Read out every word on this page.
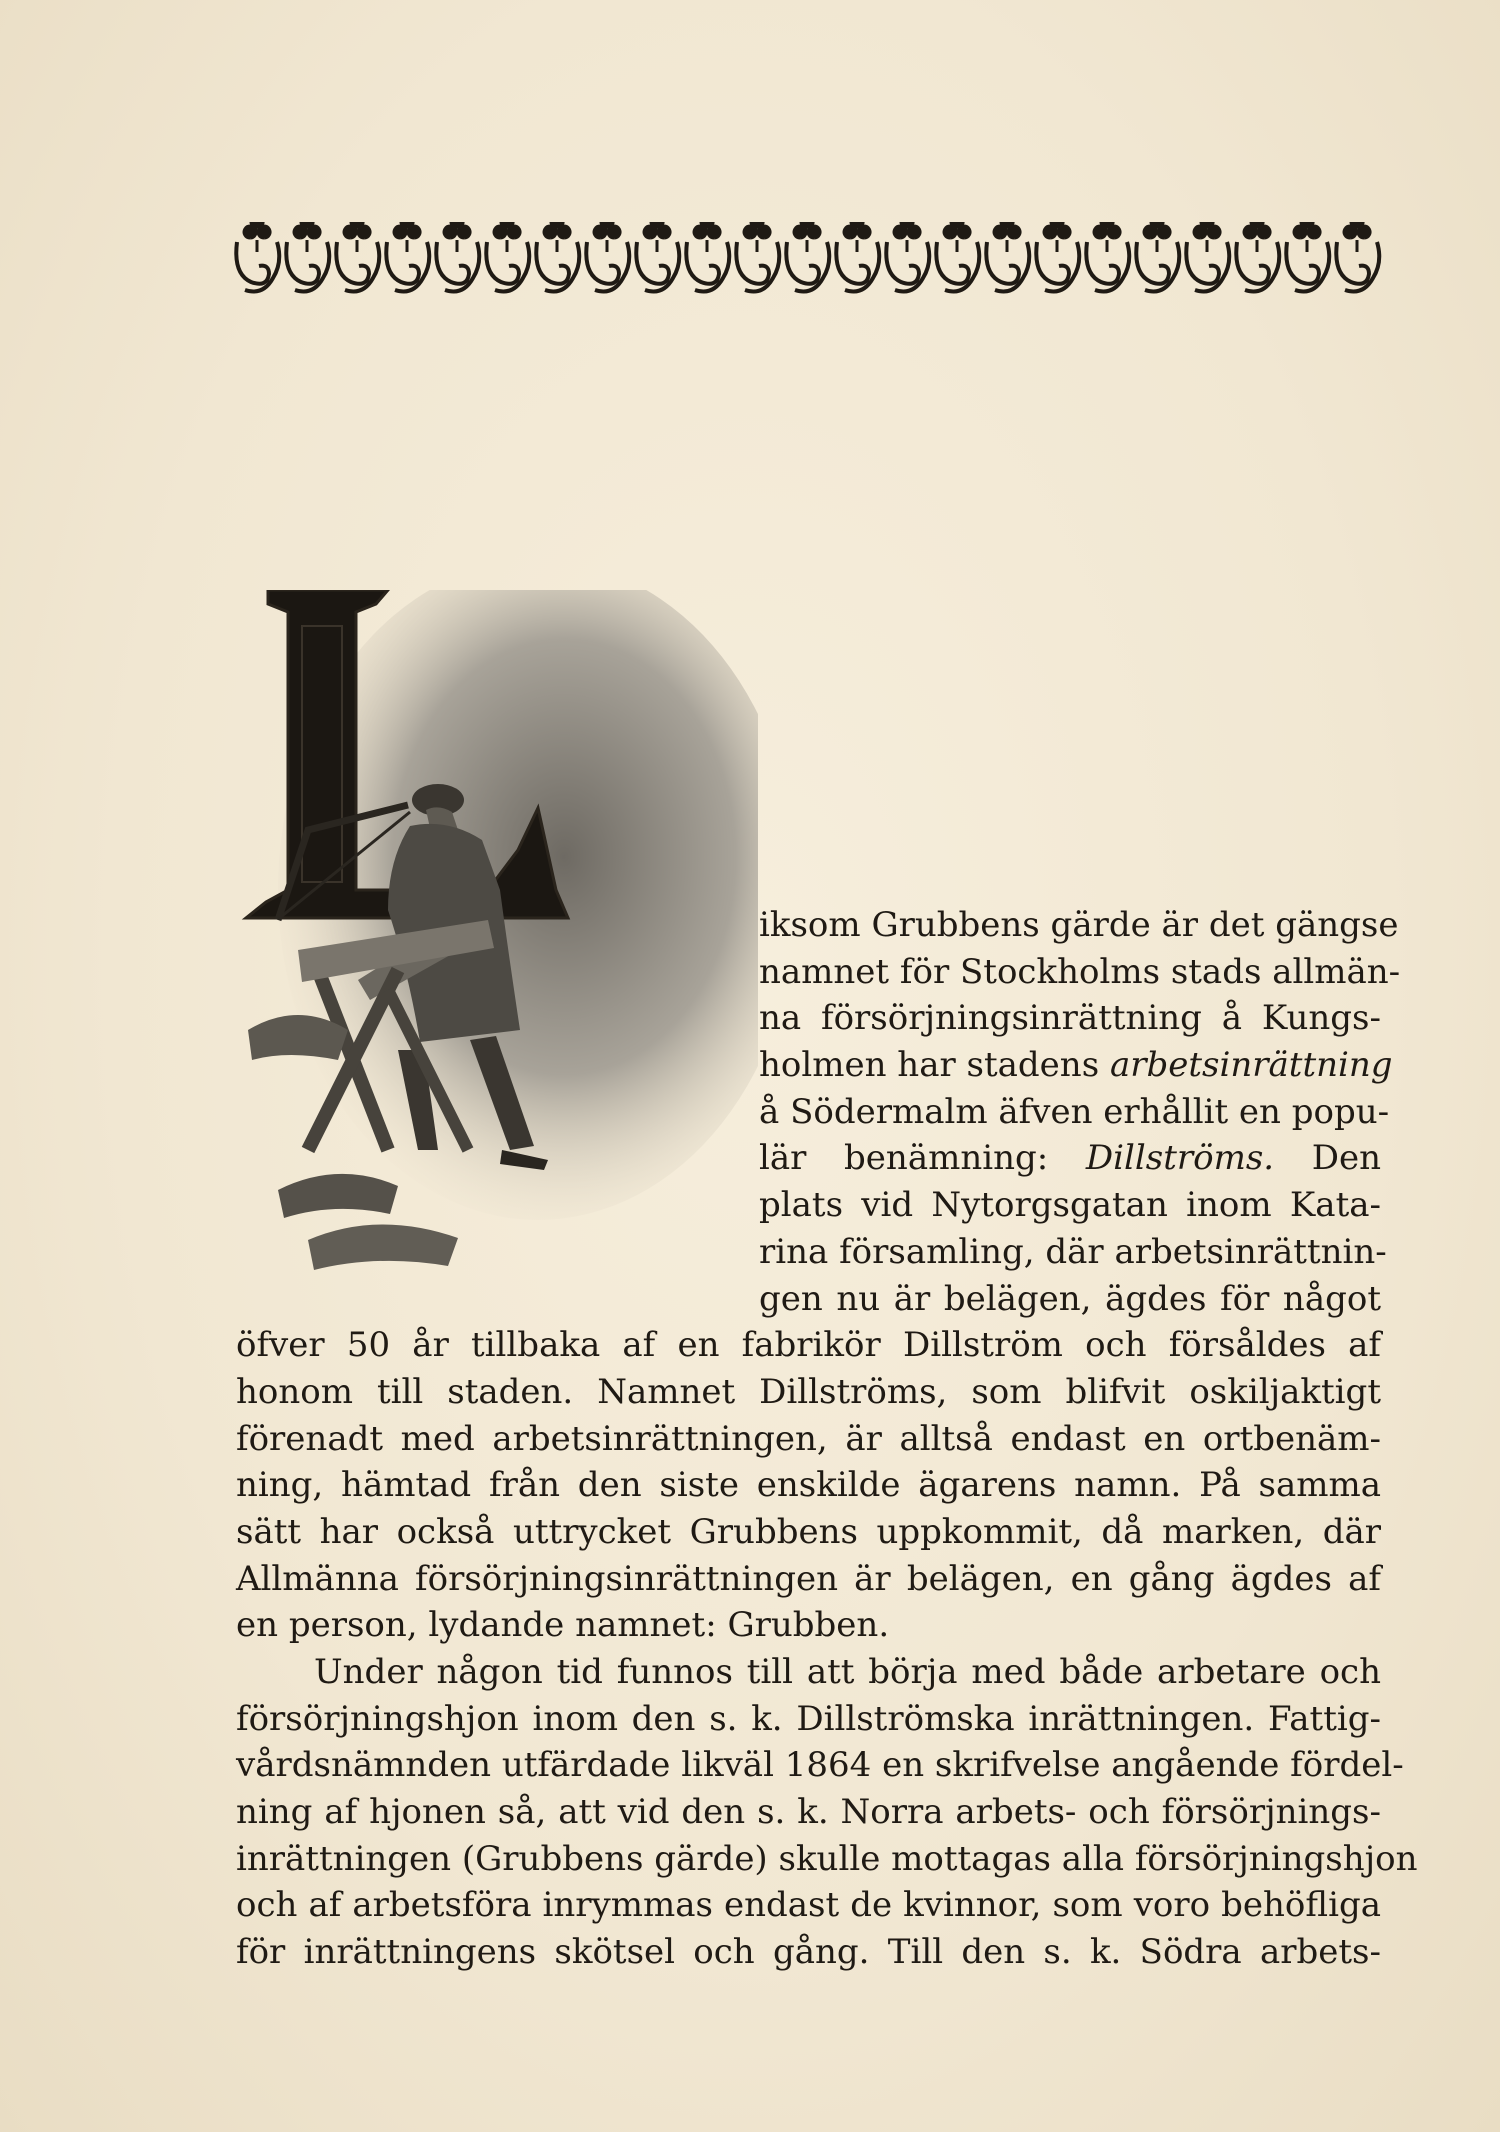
iksom Grubbens gärde är det gängse
namnet för Stockholms stads allmän-
na försörjningsinrättning å Kungs-
holmen har stadens arbetsinrättning
å Södermalm äfven erhållit en popu-
lär benämning: Dillströms. Den
plats vid Nytorgsgatan inom Kata-
rina församling, där arbetsinrättnin-
gen nu är belägen, ägdes för något
öfver 50 år tillbaka af en fabrikör Dillström och försåldes af
honom till staden. Namnet Dillströms, som blifvit oskiljaktigt
förenadt med arbetsinrättningen, är alltså endast en ortbenäm-
ning, hämtad från den siste enskilde ägarens namn. På samma
sätt har också uttrycket Grubbens uppkommit, då marken, där
Allmänna försörjningsinrättningen är belägen, en gång ägdes af
en person, lydande namnet: Grubben.
Under någon tid funnos till att börja med både arbetare och
försörjningshjon inom den s. k. Dillströmska inrättningen. Fattig-
vårdsnämnden utfärdade likväl 1864 en skrifvelse angående fördel-
ning af hjonen så, att vid den s. k. Norra arbets- och försörjnings-
inrättningen (Grubbens gärde) skulle mottagas alla försörjningshjon
och af arbetsföra inrymmas endast de kvinnor, som voro behöfliga
för inrättningens skötsel och gång. Till den s. k. Södra arbets-
